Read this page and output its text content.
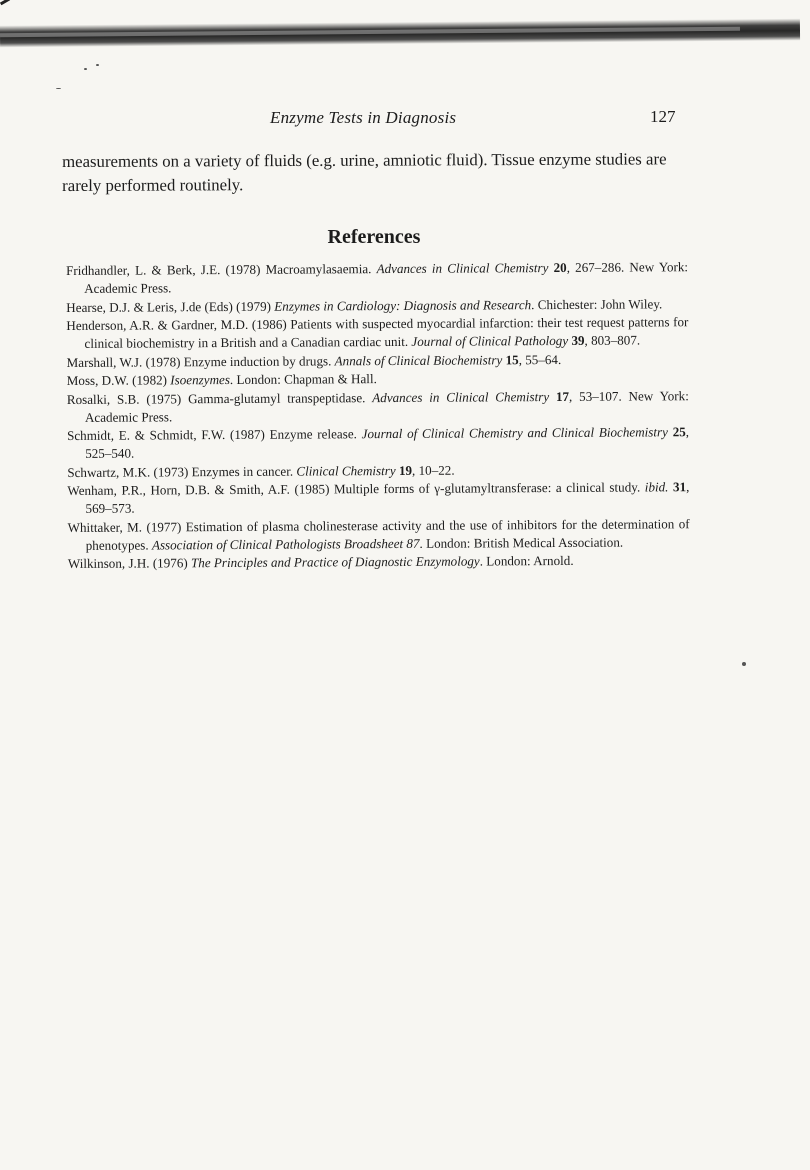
Enzyme Tests in Diagnosis	127

measurements on a variety of fluids (e.g. urine, amniotic fluid). Tissue enzyme studies are rarely performed routinely.

References
Fridhandler, L. & Berk, J.E. (1978) Macroamylasaemia. Advances in Clinical Chemistry 20, 267–286. New York: Academic Press.
Hearse, D.J. & Leris, J.de (Eds) (1979) Enzymes in Cardiology: Diagnosis and Research. Chichester: John Wiley.
Henderson, A.R. & Gardner, M.D. (1986) Patients with suspected myocardial infarction: their test request patterns for clinical biochemistry in a British and a Canadian cardiac unit. Journal of Clinical Pathology 39, 803–807.
Marshall, W.J. (1978) Enzyme induction by drugs. Annals of Clinical Biochemistry 15, 55–64.
Moss, D.W. (1982) Isoenzymes. London: Chapman & Hall.
Rosalki, S.B. (1975) Gamma-glutamyl transpeptidase. Advances in Clinical Chemistry 17, 53–107. New York: Academic Press.
Schmidt, E. & Schmidt, F.W. (1987) Enzyme release. Journal of Clinical Chemistry and Clinical Biochemistry 25, 525–540.
Schwartz, M.K. (1973) Enzymes in cancer. Clinical Chemistry 19, 10–22.
Wenham, P.R., Horn, D.B. & Smith, A.F. (1985) Multiple forms of γ-glutamyltransferase: a clinical study. ibid. 31, 569–573.
Whittaker, M. (1977) Estimation of plasma cholinesterase activity and the use of inhibitors for the determination of phenotypes. Association of Clinical Pathologists Broadsheet 87. London: British Medical Association.
Wilkinson, J.H. (1976) The Principles and Practice of Diagnostic Enzymology. London: Arnold.
